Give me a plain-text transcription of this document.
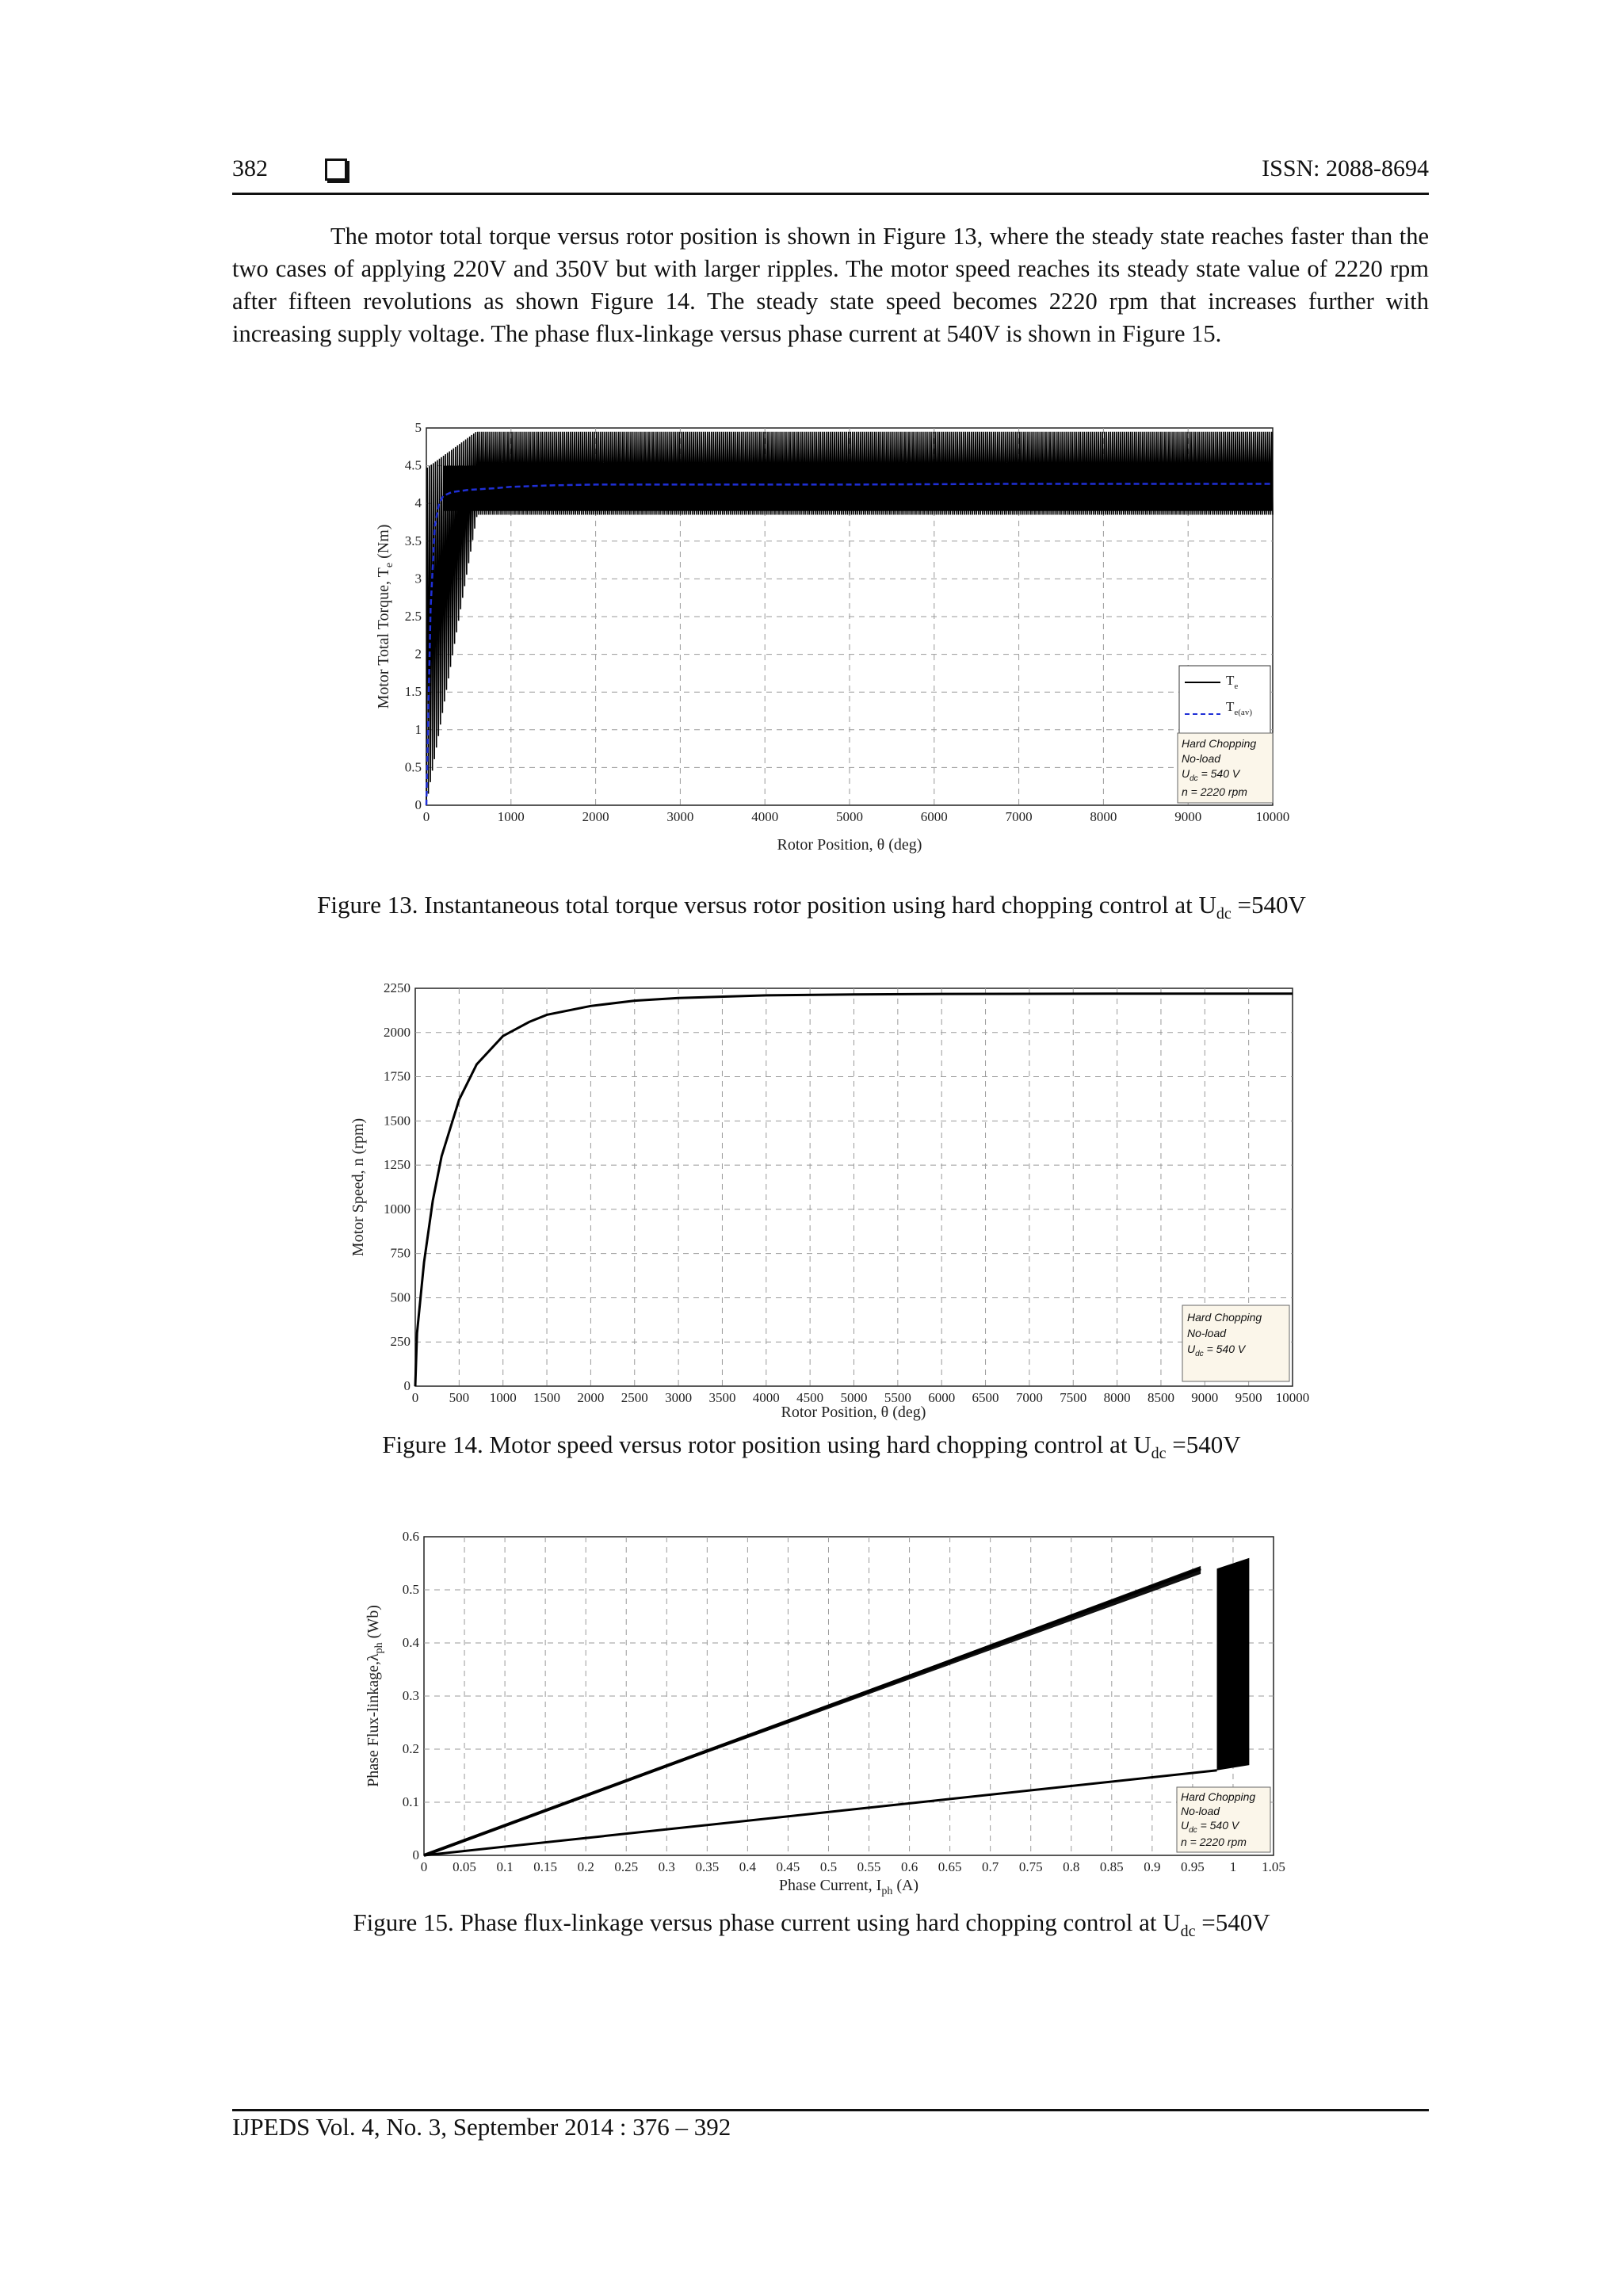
382	ISSN: 2088-8694
The motor total torque versus rotor position is shown in Figure 13, where the steady state reaches faster than the two cases of applying 220V and 350V but with larger ripples. The motor speed reaches its steady state value of 2220 rpm after fifteen revolutions as shown Figure 14. The steady state speed becomes 2220 rpm that increases further with increasing supply voltage. The phase flux-linkage versus phase current at 540V is shown in Figure 15.
0	1000	2000	3000	4000	5000	6000	7000	8000	9000	10000
0
0.5
1
1.5
2
2.5
3
3.5
4
4.5
5
$T_e$
$T_{e(av)}$
Hard Chopping
No-load
$U_{dc} = 540$ V
n = 2220 rpm
Rotor Position, θ (deg)
Motor Total Torque, $T_e$ (Nm)
Figure 13. Instantaneous total torque versus rotor position using hard chopping control at $U_{dc} =540V$
0 500 1000 1500 2000 2500 3000 3500 4000 4500 5000 5500 6000 6500 7000 7500 8000 8500 9000 9500 10000
0
250
500
750
1000
1250
1500
1750
2000
2250
Hard Chopping
No-load
$U_{dc} = 540$ V
Rotor Position, θ (deg)
Motor Speed, n (rpm)
Figure 14. Motor speed versus rotor position using hard chopping control at $U_{dc} =540V$
0 0.05 0.1 0.15 0.2 0.25 0.3 0.35 0.4 0.45 0.5 0.55 0.6 0.65 0.7 0.75 0.8 0.85 0.9 0.95 1 1.05
0
0.1
0.2
0.3
0.4
0.5
0.6
Hard Chopping
No-load
$U_{dc} = 540$ V
n = 2220 rpm
Phase Current, $I_{ph}$ (A)
Phase Flux-$linkage,\lambda_{ph}$ (Wb)
Figure 15. Phase flux-linkage versus phase current using hard chopping control at $U_{dc} =540V$
IJPEDS Vol. 4, No. 3, September 2014 : 376 – 392
